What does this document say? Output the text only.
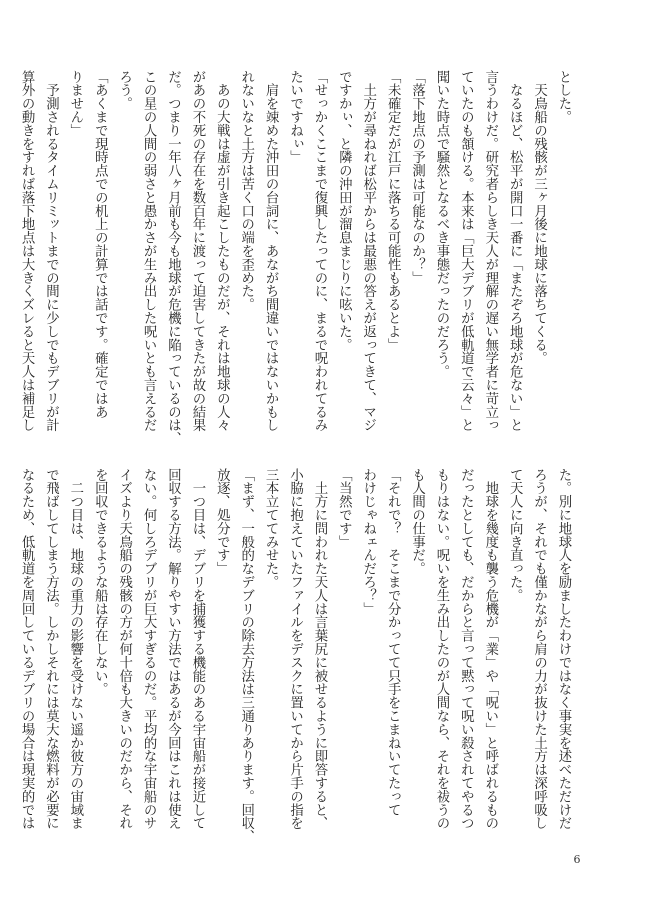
とした。

　天鳥船の残骸が三ヶ月後に地球に落ちてくる。

　なるほど、松平が開口一番に「またぞろ地球が危ない」と

言うわけだ。研究者らしき天人が理解の遅い無学者に苛立っ

ていたのも頷ける。本来は「巨大デブリが低軌道で云々」と

聞いた時点で騒然となるべき事態だったのだろう。

「落下地点の予測は可能なのか？」

「未確定だが江戸に落ちる可能性もあるとよ」

　土方が尋ねれば松平からは最悪の答えが返ってきて、マジ

ですかぃ、と隣の沖田が溜息まじりに呟いた。

「せっかくここまで復興したってのに、まるで呪われてるみ

たいですねぃ」

　肩を竦めた沖田の台詞に、あながち間違いではないかもし

れないなと土方は苦く口の端を歪めた。

　あの大戦は虚が引き起こしたものだが、それは地球の人々

があの不死の存在を数百年に渡って迫害してきたが故の結果

だ。つまり一年八ヶ月前も今も地球が危機に陥っているのは、

この星の人間の弱さと愚かさが生み出した呪いとも言えるだ

ろう。

「あくまで現時点での机上の計算では話です。確定ではあ

りません」

　予測されるタイムリミットまでの間に少しでもデブリが計

算外の動きをすれば落下地点は大きくズレると天人は補足し

た。別に地球人を励ましたわけではなく事実を述べただけだ

ろうが、それでも僅かながら肩の力が抜けた土方は深呼吸し

て天人に向き直った。

　地球を幾度も襲う危機が「業」や「呪い」と呼ばれるもの

だったとしても、だからと言って黙って呪い殺されてやるつ

もりはない。呪いを生み出したのが人間なら、それを祓うの

も人間の仕事だ。

「それで？　そこまで分かってて只手をこまねいてたって

わけじゃねェんだろ？」

「当然です」

　土方に問われた天人は言葉尻に被せるように即答すると、

小脇に抱えていたファイルをデスクに置いてから片手の指を

三本立ててみせた。

「まず、一般的なデブリの除去方法は三通りあります。回収、

放逐、処分です」

　一つ目は、デブリを捕獲する機能のある宇宙船が接近して

回収する方法。解りやすい方法ではあるが今回はこれは使え

ない。何しろデブリが巨大すぎるのだ。平均的な宇宙船のサ

イズより天鳥船の残骸の方が何十倍も大きいのだから、それ

を回収できるような船は存在しない。

　二つ目は、地球の重力の影響を受けない遥か彼方の宙域ま

で飛ばしてしまう方法。しかしそれには莫大な燃料が必要に

なるため、低軌道を周回しているデブリの場合は現実的では

6
